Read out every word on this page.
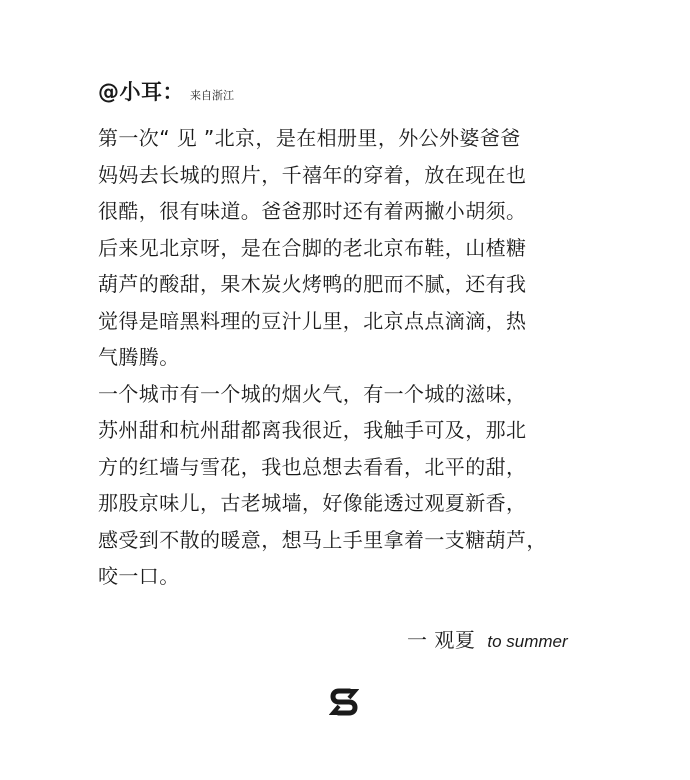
@小耳： 来自浙江

第一次“ 见 ”北京，是在相册里，外公外婆爸爸
妈妈去长城的照片，千禧年的穿着，放在现在也
很酷，很有味道。爸爸那时还有着两撇小胡须。
后来见北京呀，是在合脚的老北京布鞋，山楂糖
葫芦的酸甜，果木炭火烤鸭的肥而不腻，还有我
觉得是暗黑料理的豆汁儿里，北京点点滴滴，热
气腾腾。

一个城市有一个城的烟火气，有一个城的滋味，
苏州甜和杭州甜都离我很近，我触手可及，那北
方的红墙与雪花，我也总想去看看，北平的甜，
那股京味儿，古老城墙，好像能透过观夏新香，
感受到不散的暖意，想马上手里拿着一支糖葫芦，
咬一口。

一 观夏 to summer
